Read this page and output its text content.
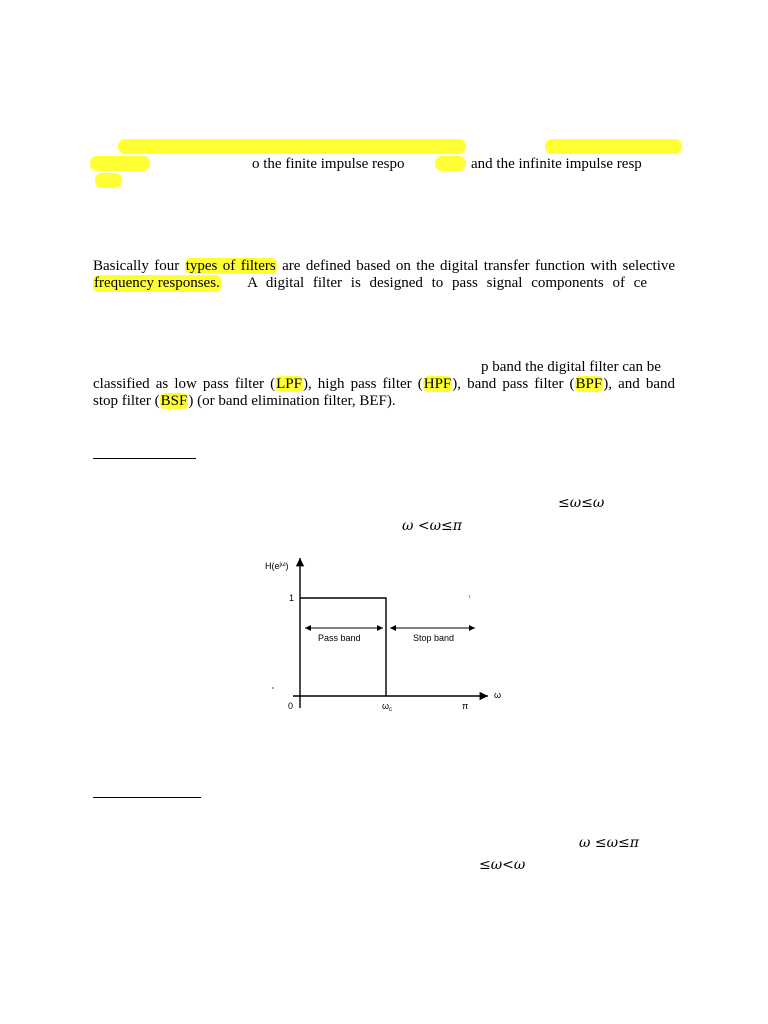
o the finite impulse respo	and the infinite impulse resp
Basically four types of filters are defined based on the digital transfer function with selective
frequency responses. A digital filter is designed to pass signal components of ce
p band the digital filter can be
classified as low pass filter (LPF), high pass filter (HPF), band pass filter (BPF), and band
stop filter (BSF) (or band elimination filter, BEF).
≤ω≤ω
ω <ω≤π
$H(e^{j\omega})$
1
0	$\omega_c$	π
ω
Pass band	Stop band
ω ≤ω≤π
≤ω<ω
